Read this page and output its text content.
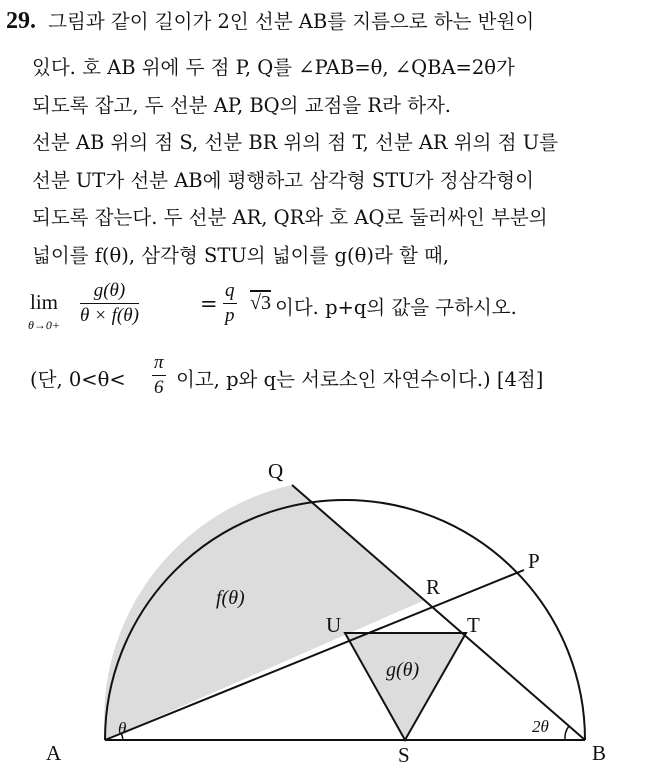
29. 그림과 같이 길이가 2인 선분 AB를 지름으로 하는 반원이
있다. 호 AB 위에 두 점 P, Q를 ∠PAB=θ, ∠QBA=2θ가
되도록 잡고, 두 선분 AP, BQ의 교점을 R라 하자.
선분 AB 위의 점 S, 선분 BR 위의 점 T, 선분 AR 위의 점 U를
선분 UT가 선분 AB에 평행하고 삼각형 STU가 정삼각형이
되도록 잡는다. 두 선분 AR, QR와 호 AQ로 둘러싸인 부분의
넓이를 f(θ), 삼각형 STU의 넓이를 g(θ)라 할 때,
lim
θ→0+
g(θ)
θ × f(θ)	=
q
p
√3 이다. p+q의 값을 구하시오.
(단, 0<θ<
π
6 이고, p와 q는 서로소인 자연수이다.) [4점]
A	B
P
Q
R
S
T
U
f(θ)
g(θ)
θ	2θ
